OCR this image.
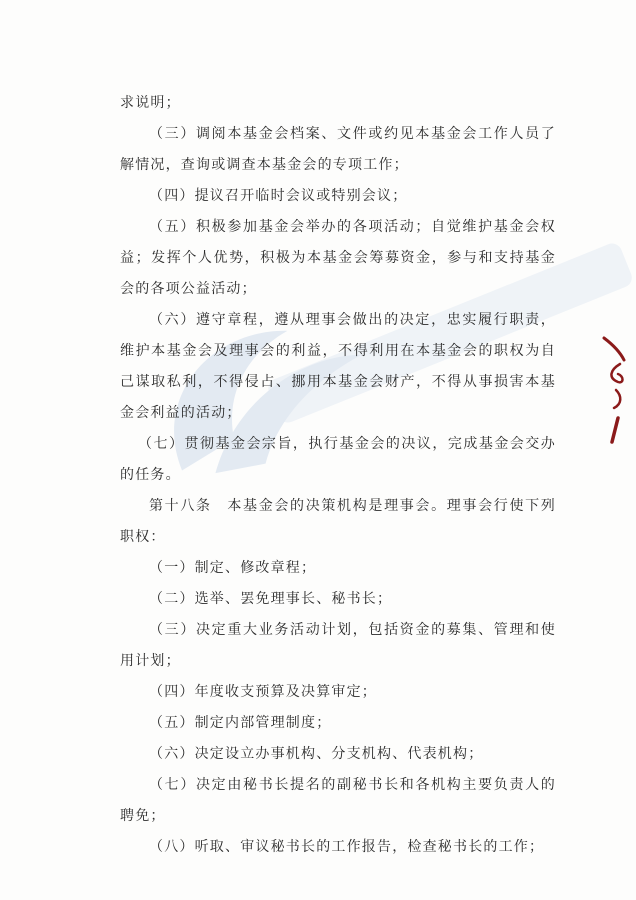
求说明；

（三）调阅本基金会档案、文件或约见本基金会工作人员了解情况，查询或调查本基金会的专项工作；

（四）提议召开临时会议或特别会议；

（五）积极参加基金会举办的各项活动；自觉维护基金会权益；发挥个人优势，积极为本基金会筹募资金，参与和支持基金会的各项公益活动；

（六）遵守章程，遵从理事会做出的决定，忠实履行职责，维护本基金会及理事会的利益，不得利用在本基金会的职权为自己谋取私利，不得侵占、挪用本基金会财产，不得从事损害本基金会利益的活动；

（七）贯彻基金会宗旨，执行基金会的决议，完成基金会交办的任务。

第十八条　本基金会的决策机构是理事会。理事会行使下列职权：

（一）制定、修改章程；

（二）选举、罢免理事长、秘书长；

（三）决定重大业务活动计划，包括资金的募集、管理和使用计划；

（四）年度收支预算及决算审定；

（五）制定内部管理制度；

（六）决定设立办事机构、分支机构、代表机构；

（七）决定由秘书长提名的副秘书长和各机构主要负责人的聘免；

（八）听取、审议秘书长的工作报告，检查秘书长的工作；
